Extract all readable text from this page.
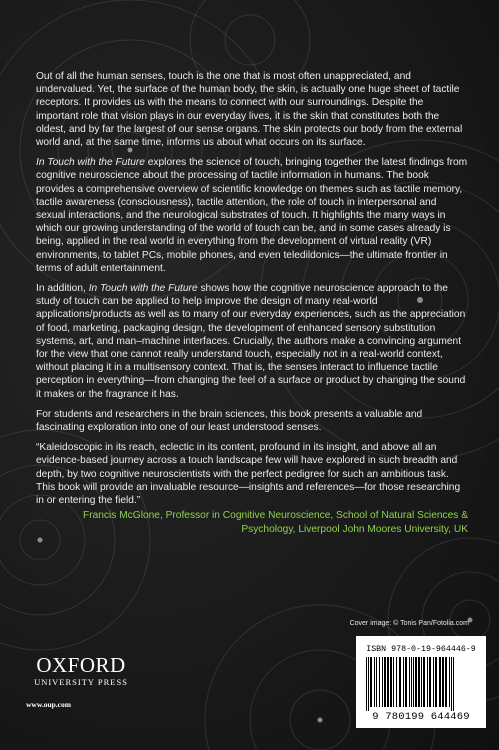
Out of all the human senses, touch is the one that is most often unappreciated, and undervalued. Yet, the surface of the human body, the skin, is actually one huge sheet of tactile receptors. It provides us with the means to connect with our surroundings. Despite the important role that vision plays in our everyday lives, it is the skin that constitutes both the oldest, and by far the largest of our sense organs. The skin protects our body from the external world and, at the same time, informs us about what occurs on its surface.

In Touch with the Future explores the science of touch, bringing together the latest findings from cognitive neuroscience about the processing of tactile information in humans. The book provides a comprehensive overview of scientific knowledge on themes such as tactile memory, tactile awareness (consciousness), tactile attention, the role of touch in interpersonal and sexual interactions, and the neurological substrates of touch. It highlights the many ways in which our growing understanding of the world of touch can be, and in some cases already is being, applied in the real world in everything from the development of virtual reality (VR) environments, to tablet PCs, mobile phones, and even teledildonics—the ultimate frontier in terms of adult entertainment.

In addition, In Touch with the Future shows how the cognitive neuroscience approach to the study of touch can be applied to help improve the design of many real-world applications/products as well as to many of our everyday experiences, such as the appreciation of food, marketing, packaging design, the development of enhanced sensory substitution systems, art, and man–machine interfaces. Crucially, the authors make a convincing argument for the view that one cannot really understand touch, especially not in a real-world context, without placing it in a multisensory context. That is, the senses interact to influence tactile perception in everything—from changing the feel of a surface or product by changing the sound it makes or the fragrance it has.

For students and researchers in the brain sciences, this book presents a valuable and fascinating exploration into one of our least understood senses.

“Kaleidoscopic in its reach, eclectic in its content, profound in its insight, and above all an evidence-based journey across a touch landscape few will have explored in such breadth and depth, by two cognitive neuroscientists with the perfect pedigree for such an ambitious task. This book will provide an invaluable resource—insights and references—for those researching in or entering the field.”

Francis McGlone, Professor in Cognitive Neuroscience, School of Natural Sciences & Psychology, Liverpool John Moores University, UK
Cover image: © Tonis Pan/Fotolia.com
OXFORD
UNIVERSITY PRESS
www.oup.com
ISBN 978-0-19-964446-9
9 780199 644469
